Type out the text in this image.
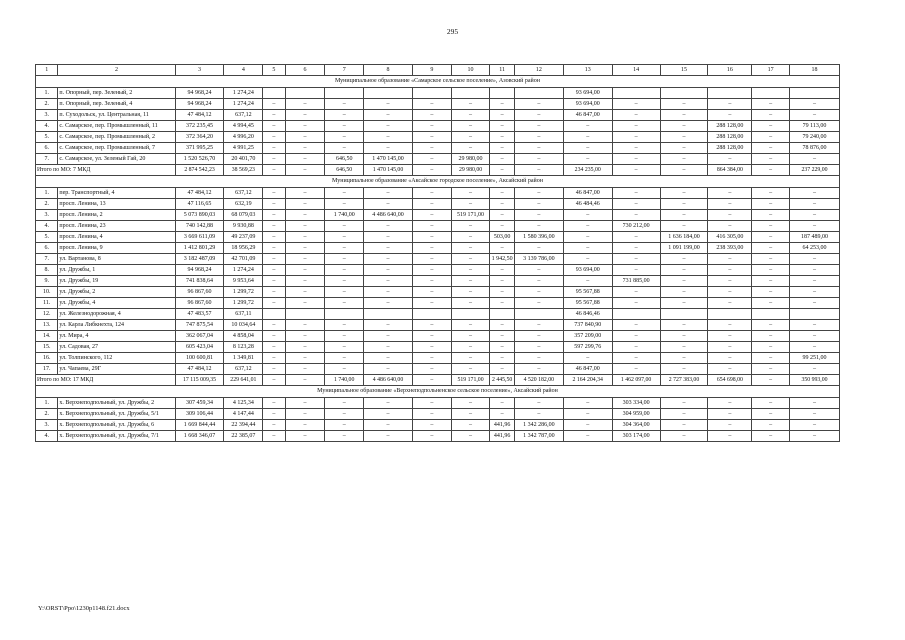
295
1	2	3	4	5	6	7	8	9	10	11	12	13	14	15	16	17	18
Муниципальное образование «Самарское сельское поселение», Азовский район																	
1.	п. Опорный, пер. Зеленый, 2	94 968,24	1 274,24									93 694,00					
2.	п. Опорный, пер. Зеленый, 4	94 968,24	1 274,24	–	–	–	–	–	–	–	–	93 694,00	–	–	–	–	–
3.	п. Суходольск, ул. Центральная, 11	47 484,12	637,12	–	–	–	–	–	–	–	–	46 847,00	–	–	–	–	–
4.	с. Самарское, пер. Промышленный, 11	372 235,45	4 994,45	–	–	–	–	–	–	–	–	–	–	–	288 128,00	–	79 113,00
5.	с. Самарское, пер. Промышленный, 2	372 364,20	4 996,20	–	–	–	–	–	–	–	–	–	–	–	288 128,00	–	79 240,00
6.	с. Самарское, пер. Промышленный, 7	371 995,25	4 991,25	–	–	–	–	–	–	–	–	–	–	–	288 128,00	–	78 876,00
7.	с. Самарское, ул. Зеленый Гай, 20	1 520 526,70	20 401,70	–	–	646,50	1 470 145,00	–	29 980,00	–	–	–	–	–	–	–	–
Итого по МО: 7 МКД		2 874 542,23	38 569,23	–	–	646,50	1 470 145,00	–	29 980,00	–	–	234 235,00	–	–	864 384,00	–	237 229,00
Муниципальное образование «Аксайское городское поселение», Аксайский район																	
1.	пер. Транспортный, 4	47 484,12	637,12	–	–	–	–	–	–	–	–	46 847,00	–	–	–	–	–
2.	просп. Ленина, 13	47 116,65	632,19	–	–	–	–	–	–	–	–	46 484,46	–	–	–	–	–
3.	просп. Ленина, 2	5 073 890,03	68 079,03	–	–	1 740,00	4 486 640,00	–	519 171,00	–	–	–	–	–	–	–	–
4.	просп. Ленина, 23	740 142,88	9 930,88	–	–	–	–	–	–	–	–	–	730 212,00	–	–	–	–
5.	просп. Ленина, 4	3 669 611,09	49 237,09	–	–	–	–	–	–	503,00	1 580 396,00	–	–	1 636 184,00	416 305,00	–	187 489,00
6.	просп. Ленина, 9	1 412 801,29	18 956,29	–	–	–	–	–	–	–	–	–	–	1 091 199,00	238 393,00	–	64 253,00
7.	ул. Вартанова, 8	3 182 487,09	42 701,09	–	–	–	–	–	–	1 942,50	3 139 786,00	–	–	–	–	–	–
8.	ул. Дружбы, 1	94 968,24	1 274,24	–	–	–	–	–	–	–	–	93 694,00	–	–	–	–	–
9.	ул. Дружбы, 19	741 838,64	9 953,64	–	–	–	–	–	–	–	–	–	731 885,00	–	–	–	–
10.	ул. Дружбы, 2	96 867,60	1 299,72	–	–	–	–	–	–	–	–	95 567,88	–	–	–	–	–
11.	ул. Дружбы, 4	96 867,60	1 299,72	–	–	–	–	–	–	–	–	95 567,88	–	–	–	–	–
12.	ул. Железнодорожная, 4	47 483,57	637,11									46 846,46					
13.	ул. Карла Либкнехта, 124	747 875,54	10 034,64	–	–	–	–	–	–	–	–	737 840,90	–	–	–	–	–
14.	ул. Мира, 4	362 067,04	4 858,04	–	–	–	–	–	–	–	–	357 209,00	–	–	–	–	–
15.	ул. Садовая, 27	605 423,04	8 123,28	–	–	–	–	–	–	–	–	597 299,76	–	–	–	–	–
16.	ул. Толпинского, 112	100 600,81	1 349,81	–	–	–	–	–	–	–	–	–	–	–	–	–	99 251,00
17.	ул. Чапаева, 29Г	47 484,12	637,12	–	–	–	–	–	–	–	–	46 847,00	–	–	–	–	–
Итого по МО: 17 МКД		17 115 009,35	229 641,01	–	–	1 740,00	4 486 640,00	–	519 171,00	2 445,50	4 520 182,00	2 164 204,34	1 462 097,00	2 727 383,00	654 698,00	–	350 993,00
Муниципальное образование «Верхнеподпольненское сельское поселение», Аксайский район																	
1.	х. Верхнеподпольный, ул. Дружбы, 2	307 459,34	4 125,34	–	–	–	–	–	–	–	–	–	303 334,00	–	–	–	–
2.	х. Верхнеподпольный, ул. Дружбы, 5/1	309 106,44	4 147,44	–	–	–	–	–	–	–	–	–	304 959,00	–	–	–	–
3.	х. Верхнеподпольный, ул. Дружбы, 6	1 669 844,44	22 394,44	–	–	–	–	–	–	441,96	1 342 286,00	–	304 364,00	–	–	–	–
4.	х. Верхнеподпольный, ул. Дружбы, 7/1	1 668 346,07	22 385,07	–	–	–	–	–	–	441,96	1 342 787,00	–	303 174,00	–	–	–	–
Y:\ORST\Ppo\1230p1148.f21.docx
